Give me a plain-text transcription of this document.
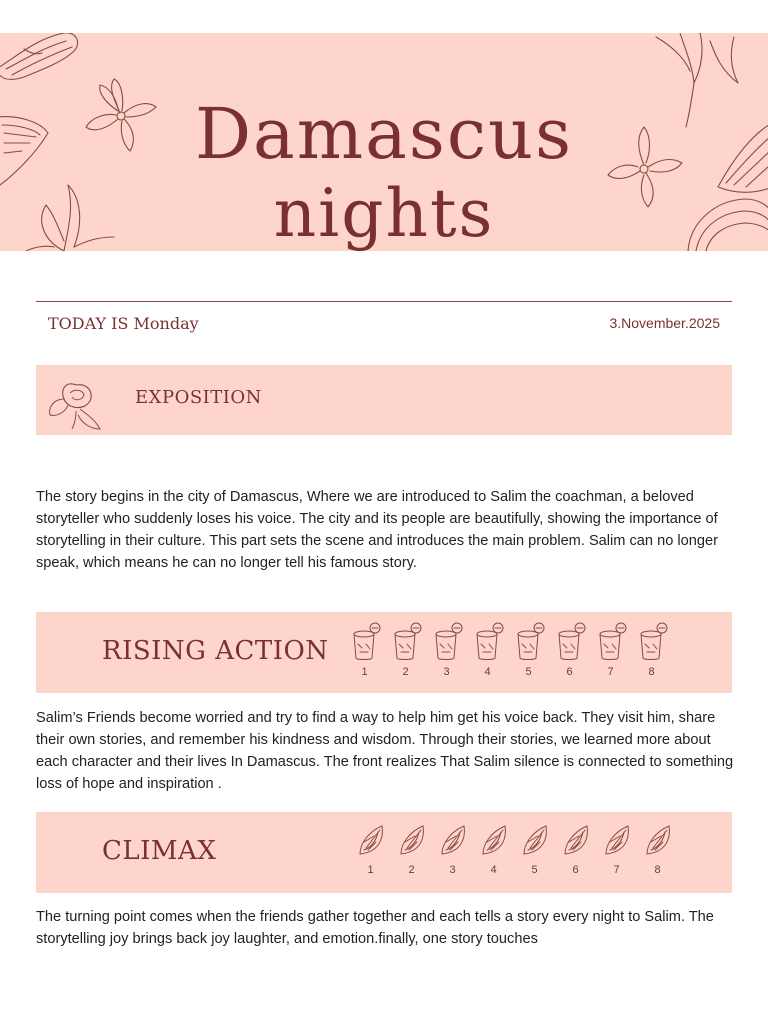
Damascus
nights
TODAY IS Monday	3.November.2025
EXPOSITION
The story begins in the city of Damascus, Where we are introduced to Salim the coachman, a beloved storyteller who suddenly loses his voice. The city and its people are beautifully, showing the importance of storytelling in their culture. This part sets the scene and introduces the main problem. Salim can no longer speak, which means he can no longer tell his famous story.
RISING ACTION
1	2	3	4	5	6	7	8
Salim’s Friends become worried and try to find a way to help him get his voice back. They visit him, share their own stories, and remember his kindness and wisdom. Through their stories, we learned more about each character and their lives In Damascus. The front realizes That Salim silence is connected to something loss of hope and inspiration .
CLIMAX
1	2	3	4	5	6	7	8
The turning point comes when the friends gather together and each tells a story every night to Salim. The storytelling joy brings back joy laughter, and emotion.finally, one story touches
